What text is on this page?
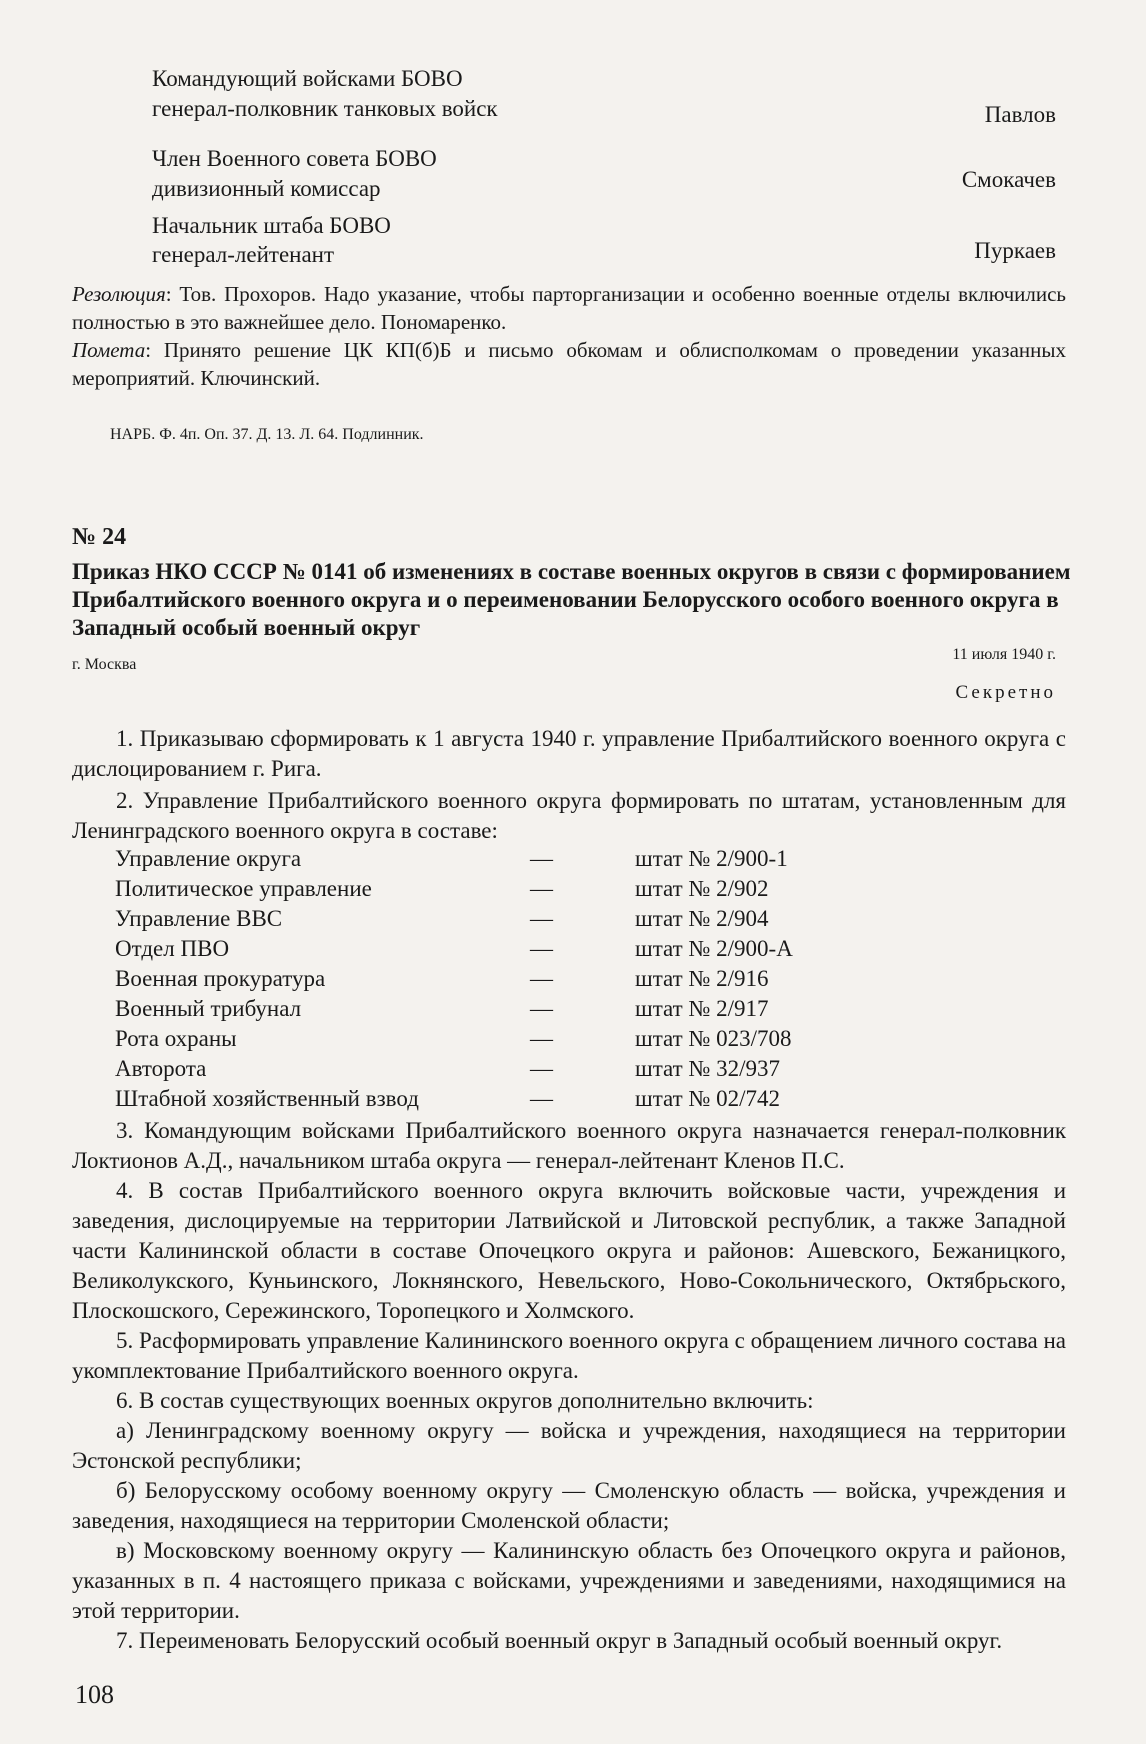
Командующий войсками БОВО
генерал-полковник танковых войск	Павлов
Член Военного совета БОВО
дивизионный комиссар	Смокачев
Начальник штаба БОВО
генерал-лейтенант	Пуркаев
Резолюция: Тов. Прохоров. Надо указание, чтобы парторганизации и особенно военные отделы включились полностью в это важнейшее дело. Пономаренко.
Помета: Принято решение ЦК КП(б)Б и письмо обкомам и облисполкомам о проведении указанных мероприятий. Ключинский.
НАРБ. Ф. 4п. Оп. 37. Д. 13. Л. 64. Подлинник.
№ 24
Приказ НКО СССР № 0141 об изменениях в составе военных округов в связи с формированием Прибалтийского военного округа и о переименовании Белорусского особого военного округа в Западный особый военный округ
г. Москва
11 июля 1940 г.
Секретно
1. Приказываю сформировать к 1 августа 1940 г. управление Прибалтийского военного округа с дислоцированием г. Рига.
2. Управление Прибалтийского военного округа формировать по штатам, установленным для Ленинградского военного округа в составе:
Управление округа	—	штат № 2/900-1
Политическое управление	—	штат № 2/902
Управление ВВС	—	штат № 2/904
Отдел ПВО	—	штат № 2/900-А
Военная прокуратура	—	штат № 2/916
Военный трибунал	—	штат № 2/917
Рота охраны	—	штат № 023/708
Авторота	—	штат № 32/937
Штабной хозяйственный взвод	—	штат № 02/742
3. Командующим войсками Прибалтийского военного округа назначается генерал-полковник Локтионов А.Д., начальником штаба округа — генерал-лейтенант Кленов П.С.
4. В состав Прибалтийского военного округа включить войсковые части, учреждения и заведения, дислоцируемые на территории Латвийской и Литовской республик, а также Западной части Калининской области в составе Опочецкого округа и районов: Ашевского, Бежаницкого, Великолукского, Куньинского, Локнянского, Невельского, Ново-Сокольнического, Октябрьского, Плоскошского, Сережинского, Торопецкого и Холмского.
5. Расформировать управление Калининского военного округа с обращением личного состава на укомплектование Прибалтийского военного округа.
6. В состав существующих военных округов дополнительно включить:
а) Ленинградскому военному округу — войска и учреждения, находящиеся на территории Эстонской республики;
б) Белорусскому особому военному округу — Смоленскую область — войска, учреждения и заведения, находящиеся на территории Смоленской области;
в) Московскому военному округу — Калининскую область без Опочецкого округа и районов, указанных в п. 4 настоящего приказа с войсками, учреждениями и заведениями, находящимися на этой территории.
7. Переименовать Белорусский особый военный округ в Западный особый военный округ.
108
